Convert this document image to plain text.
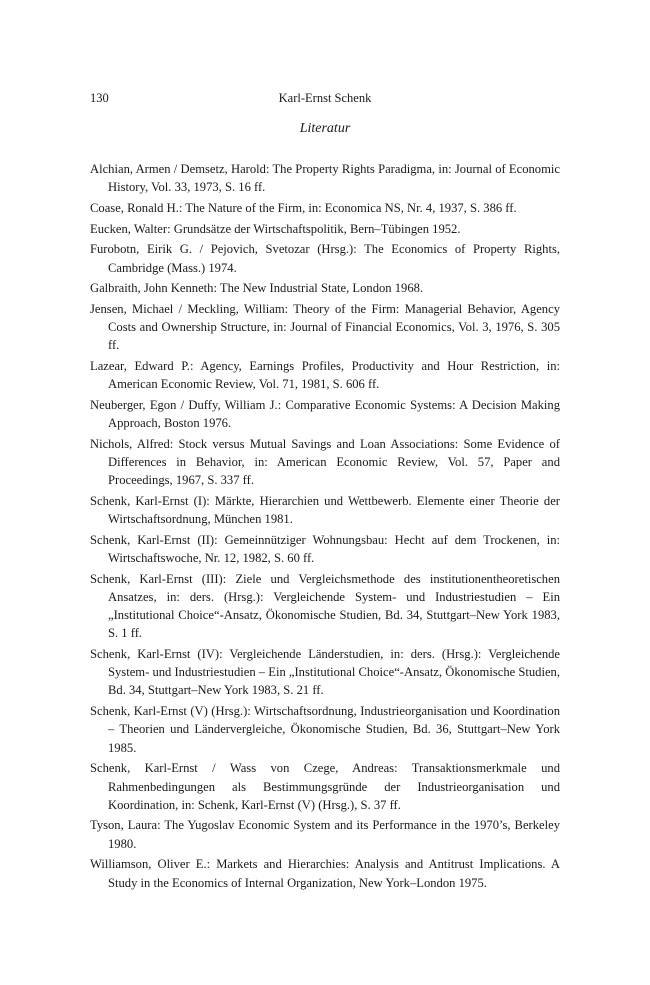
130	Karl-Ernst Schenk
Literatur
Alchian, Armen / Demsetz, Harold: The Property Rights Paradigma, in: Journal of Economic History, Vol. 33, 1973, S. 16 ff.
Coase, Ronald H.: The Nature of the Firm, in: Economica NS, Nr. 4, 1937, S. 386 ff.
Eucken, Walter: Grundsätze der Wirtschaftspolitik, Bern–Tübingen 1952.
Furobotn, Eirik G. / Pejovich, Svetozar (Hrsg.): The Economics of Property Rights, Cambridge (Mass.) 1974.
Galbraith, John Kenneth: The New Industrial State, London 1968.
Jensen, Michael / Meckling, William: Theory of the Firm: Managerial Behavior, Agency Costs and Ownership Structure, in: Journal of Financial Economics, Vol. 3, 1976, S. 305 ff.
Lazear, Edward P.: Agency, Earnings Profiles, Productivity and Hour Restriction, in: American Economic Review, Vol. 71, 1981, S. 606 ff.
Neuberger, Egon / Duffy, William J.: Comparative Economic Systems: A Decision Making Approach, Boston 1976.
Nichols, Alfred: Stock versus Mutual Savings and Loan Associations: Some Evidence of Differences in Behavior, in: American Economic Review, Vol. 57, Paper and Proceedings, 1967, S. 337 ff.
Schenk, Karl-Ernst (I): Märkte, Hierarchien und Wettbewerb. Elemente einer Theorie der Wirtschaftsordnung, München 1981.
Schenk, Karl-Ernst (II): Gemeinnütziger Wohnungsbau: Hecht auf dem Trockenen, in: Wirtschaftswoche, Nr. 12, 1982, S. 60 ff.
Schenk, Karl-Ernst (III): Ziele und Vergleichsmethode des institutionentheoretischen Ansatzes, in: ders. (Hrsg.): Vergleichende System- und Industriestudien – Ein „Institutional Choice“-Ansatz, Ökonomische Studien, Bd. 34, Stuttgart–New York 1983, S. 1 ff.
Schenk, Karl-Ernst (IV): Vergleichende Länderstudien, in: ders. (Hrsg.): Vergleichende System- und Industriestudien – Ein „Institutional Choice“-Ansatz, Ökonomische Studien, Bd. 34, Stuttgart–New York 1983, S. 21 ff.
Schenk, Karl-Ernst (V) (Hrsg.): Wirtschaftsordnung, Industrieorganisation und Koordination – Theorien und Ländervergleiche, Ökonomische Studien, Bd. 36, Stuttgart–New York 1985.
Schenk, Karl-Ernst / Wass von Czege, Andreas: Transaktionsmerkmale und Rahmenbedingungen als Bestimmungsgründe der Industrieorganisation und Koordination, in: Schenk, Karl-Ernst (V) (Hrsg.), S. 37 ff.
Tyson, Laura: The Yugoslav Economic System and its Performance in the 1970’s, Berkeley 1980.
Williamson, Oliver E.: Markets and Hierarchies: Analysis and Antitrust Implications. A Study in the Economics of Internal Organization, New York–London 1975.
